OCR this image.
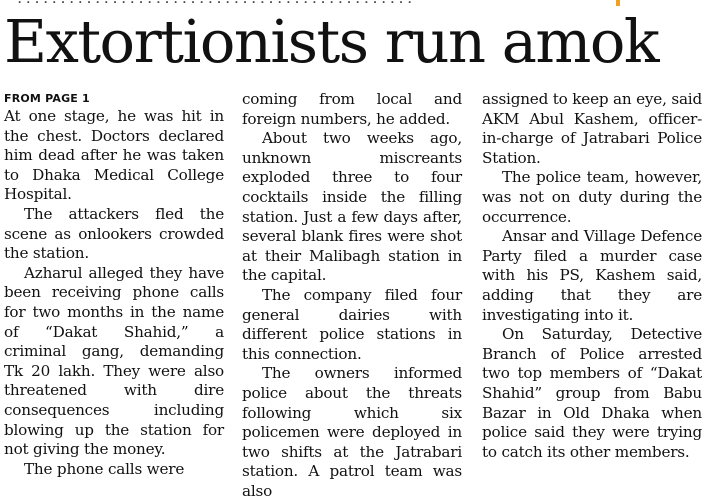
Extortionists run amok
FROM PAGE 1

At one stage, he was hit in the chest. Doctors declared him dead after he was taken to Dhaka Medical College Hospital.

The attackers fled the scene as onlookers crowded the station.

Azharul alleged they have been receiving phone calls for two months in the name of “Dakat Shahid,” a criminal gang, demanding Tk 20 lakh. They were also threatened with dire consequences including blowing up the station for not giving the money.

The phone calls were

coming from local and foreign numbers, he added.

About two weeks ago, unknown miscreants exploded three to four cocktails inside the filling station. Just a few days after, several blank fires were shot at their Malibagh station in the capital.

The company filed four general dairies with different police stations in this connection.

The owners informed police about the threats following which six policemen were deployed in two shifts at the Jatrabari station. A patrol team was also

assigned to keep an eye, said AKM Abul Kashem, officer-in-charge of Jatrabari Police Station.

The police team, however, was not on duty during the occurrence.

Ansar and Village Defence Party filed a murder case with his PS, Kashem said, adding that they are investigating into it.

On Saturday, Detective Branch of Police arrested two top members of “Dakat Shahid” group from Babu Bazar in Old Dhaka when police said they were trying to catch its other members.
